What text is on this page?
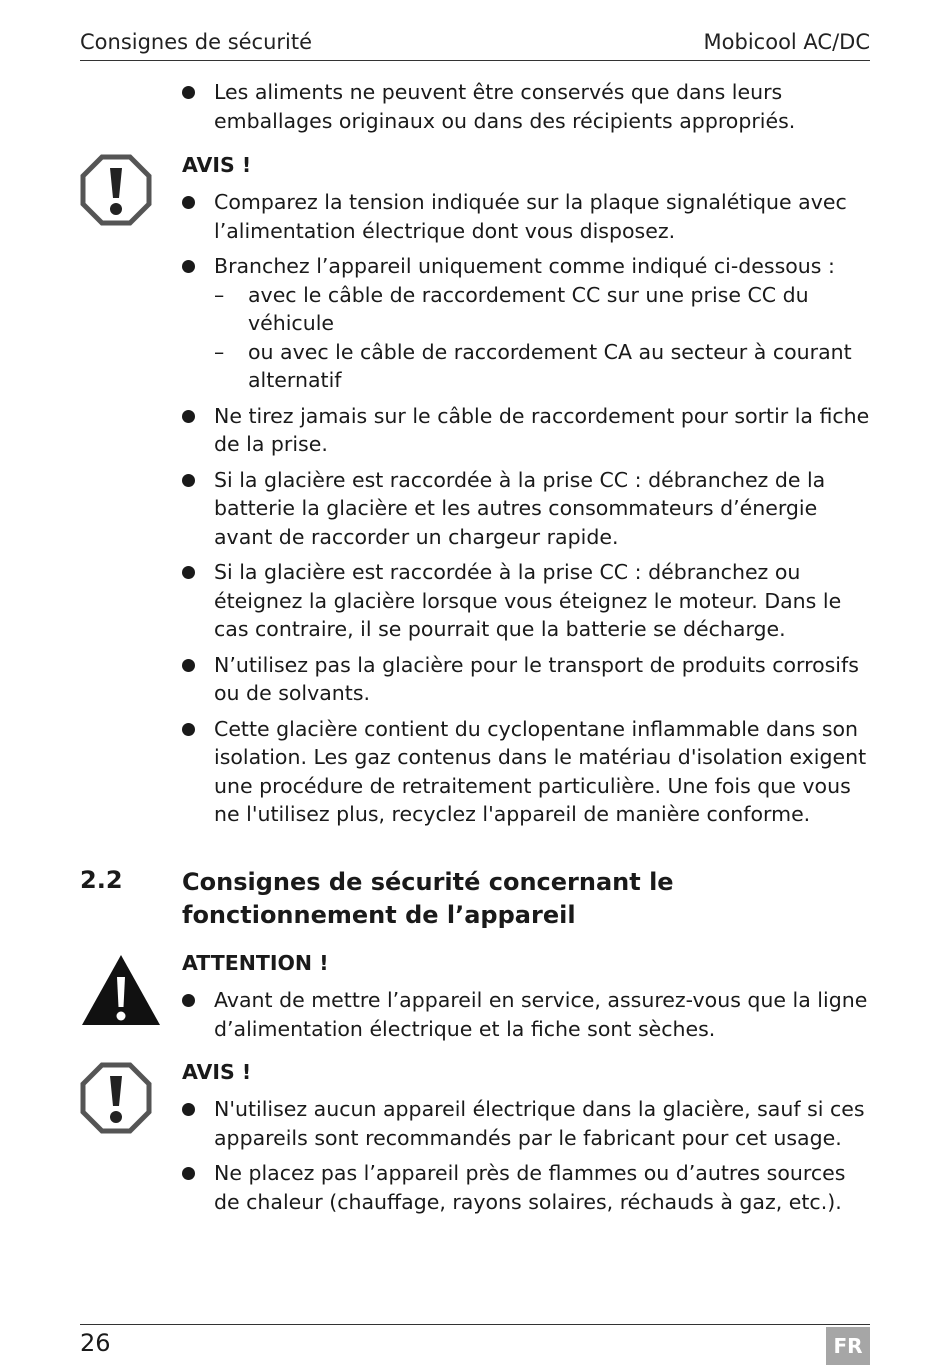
Consignes de sécurité	Mobicool AC/DC
Les aliments ne peuvent être conservés que dans leurs emballages originaux ou dans des récipients appropriés.
AVIS !
Comparez la tension indiquée sur la plaque signalétique avec l’alimentation électrique dont vous disposez.
Branchez l’appareil uniquement comme indiqué ci-dessous :
– avec le câble de raccordement CC sur une prise CC du véhicule
– ou avec le câble de raccordement CA au secteur à courant alternatif
Ne tirez jamais sur le câble de raccordement pour sortir la fiche de la prise.
Si la glacière est raccordée à la prise CC : débranchez de la batterie la glacière et les autres consommateurs d’énergie avant de raccorder un chargeur rapide.
Si la glacière est raccordée à la prise CC : débranchez ou éteignez la glacière lorsque vous éteignez le moteur. Dans le cas contraire, il se pourrait que la batterie se décharge.
N’utilisez pas la glacière pour le transport de produits corrosifs ou de solvants.
Cette glacière contient du cyclopentane inflammable dans son isolation. Les gaz contenus dans le matériau d'isolation exigent une procédure de retraitement particulière. Une fois que vous ne l'utilisez plus, recyclez l'appareil de manière conforme.
2.2 Consignes de sécurité concernant le fonctionnement de l’appareil
ATTENTION !
Avant de mettre l’appareil en service, assurez-vous que la ligne d’alimentation électrique et la fiche sont sèches.
AVIS !
N'utilisez aucun appareil électrique dans la glacière, sauf si ces appareils sont recommandés par le fabricant pour cet usage.
Ne placez pas l’appareil près de flammes ou d’autres sources de chaleur (chauffage, rayons solaires, réchauds à gaz, etc.).
26	FR
